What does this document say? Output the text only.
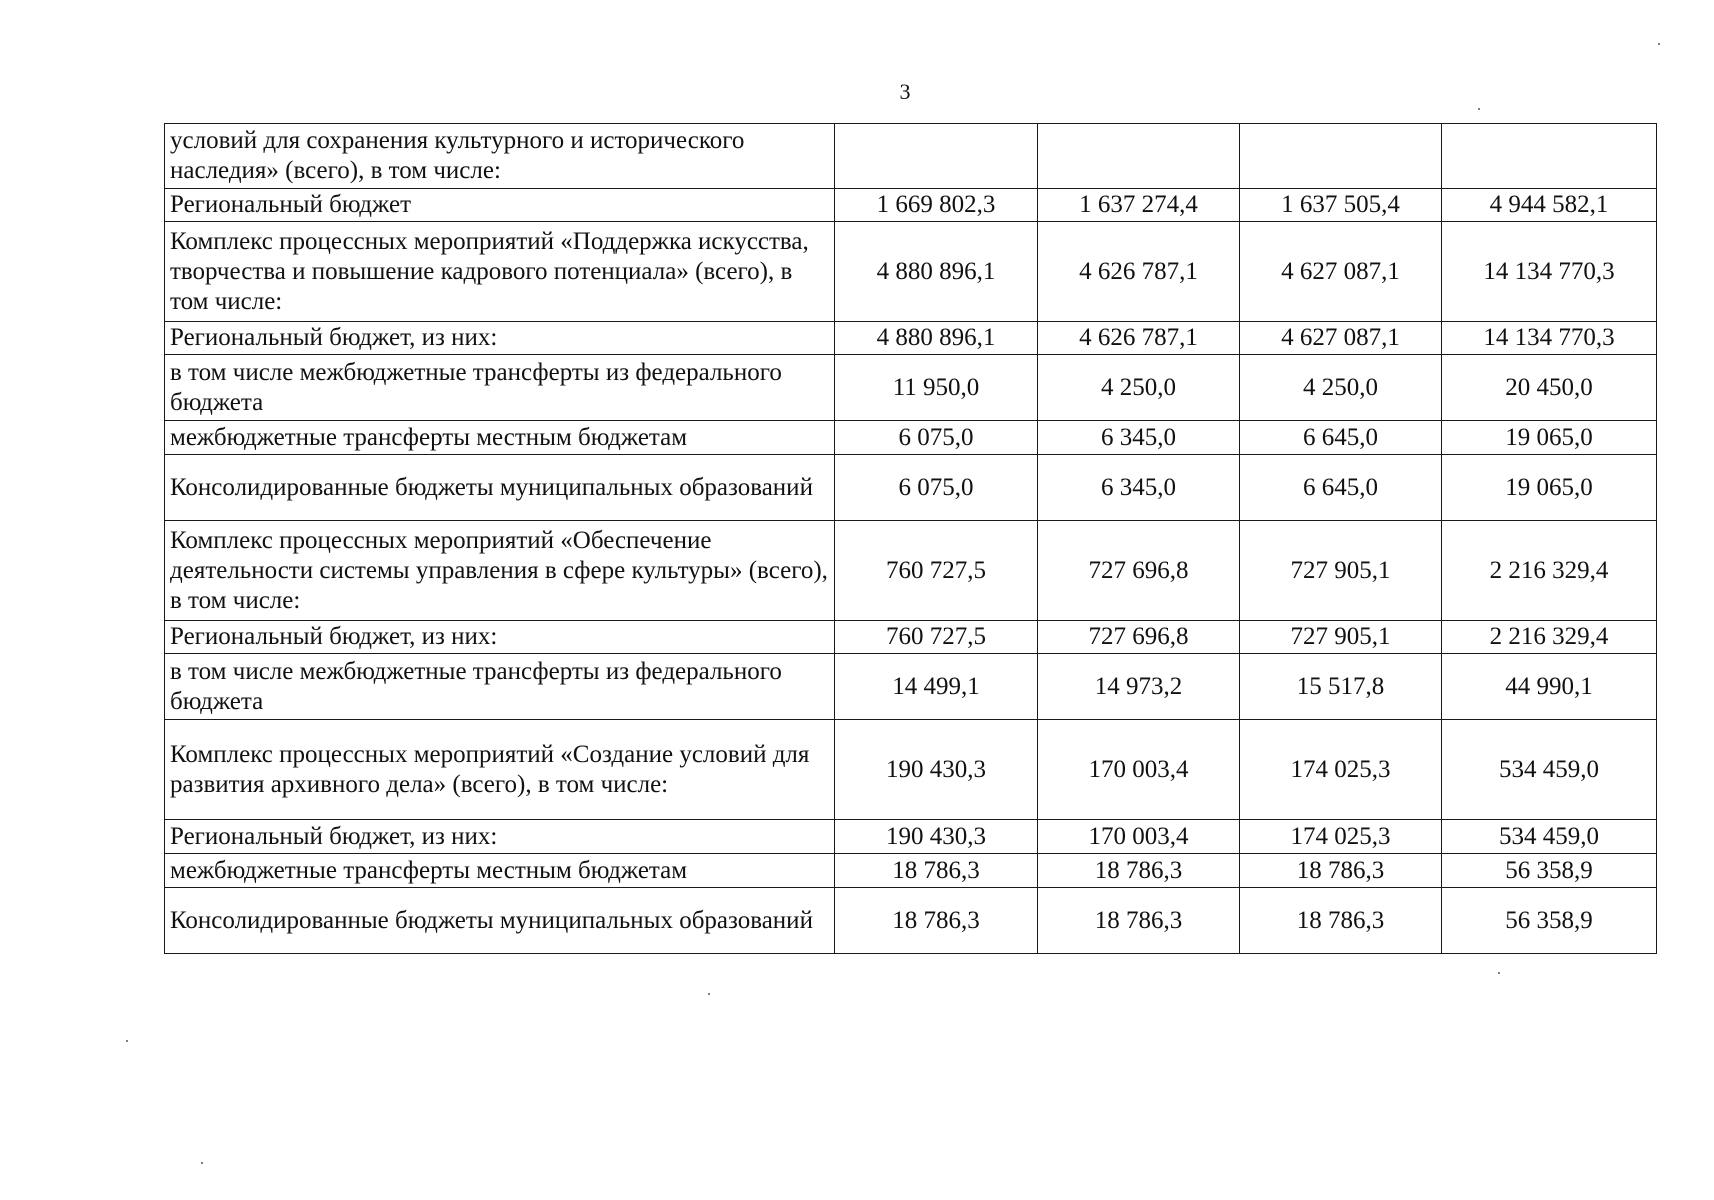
3
условий для сохранения культурного и исторического наследия» (всего), в том числе:				
Региональный бюджет	1 669 802,3	1 637 274,4	1 637 505,4	4 944 582,1
Комплекс процессных мероприятий «Поддержка искусства, творчества и повышение кадрового потенциала» (всего), в том числе:	4 880 896,1	4 626 787,1	4 627 087,1	14 134 770,3
Региональный бюджет, из них:	4 880 896,1	4 626 787,1	4 627 087,1	14 134 770,3
в том числе межбюджетные трансферты из федерального бюджета	11 950,0	4 250,0	4 250,0	20 450,0
межбюджетные трансферты местным бюджетам	6 075,0	6 345,0	6 645,0	19 065,0
Консолидированные бюджеты муниципальных образований	6 075,0	6 345,0	6 645,0	19 065,0
Комплекс процессных мероприятий «Обеспечение деятельности системы управления в сфере культуры» (всего), в том числе:	760 727,5	727 696,8	727 905,1	2 216 329,4
Региональный бюджет, из них:	760 727,5	727 696,8	727 905,1	2 216 329,4
в том числе межбюджетные трансферты из федерального бюджета	14 499,1	14 973,2	15 517,8	44 990,1
Комплекс процессных мероприятий «Создание условий для развития архивного дела» (всего), в том числе:	190 430,3	170 003,4	174 025,3	534 459,0
Региональный бюджет, из них:	190 430,3	170 003,4	174 025,3	534 459,0
межбюджетные трансферты местным бюджетам	18 786,3	18 786,3	18 786,3	56 358,9
Консолидированные бюджеты муниципальных образований	18 786,3	18 786,3	18 786,3	56 358,9
